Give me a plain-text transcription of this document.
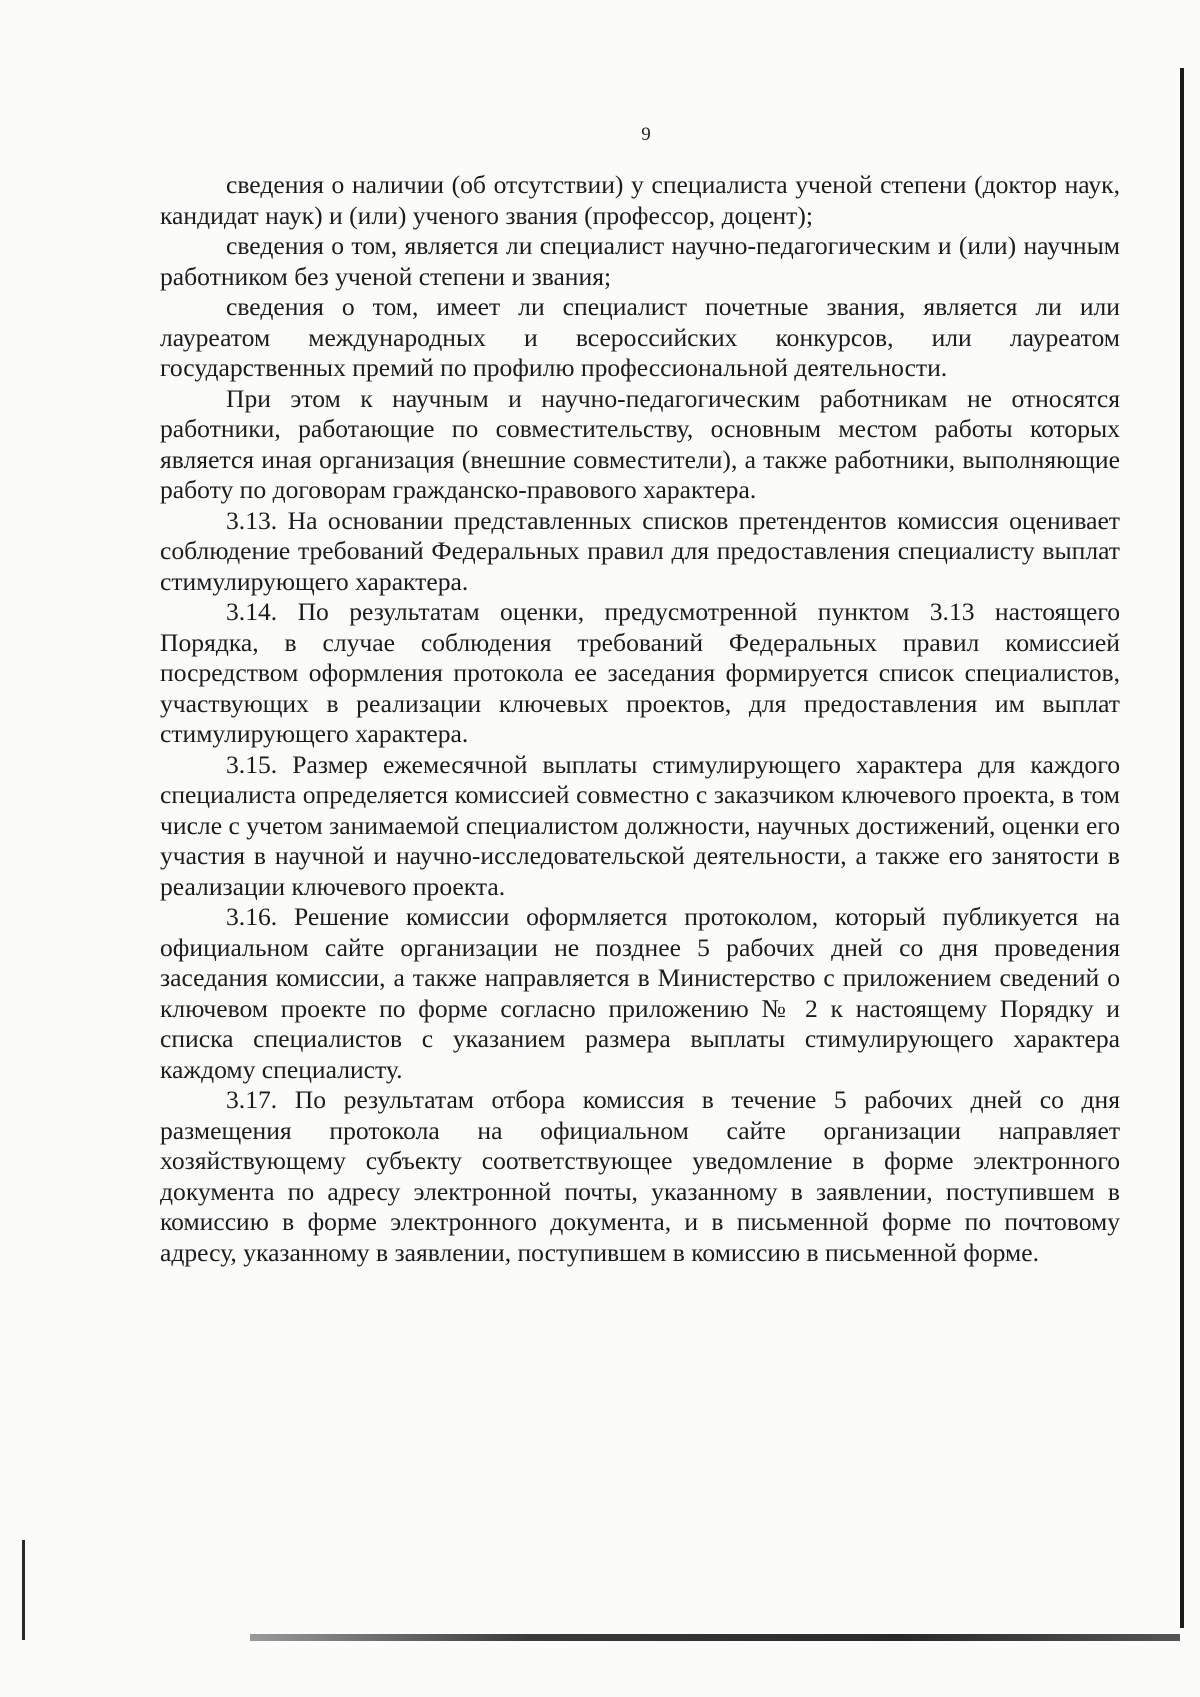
9

сведения о наличии (об отсутствии) у специалиста ученой степени (доктор наук, кандидат наук) и (или) ученого звания (профессор, доцент);

сведения о том, является ли специалист научно-педагогическим и (или) научным работником без ученой степени и звания;

сведения о том, имеет ли специалист почетные звания, является ли или лауреатом международных и всероссийских конкурсов, или лауреатом государственных премий по профилю профессиональной деятельности.

При этом к научным и научно-педагогическим работникам не относятся работники, работающие по совместительству, основным местом работы которых является иная организация (внешние совместители), а также работники, выполняющие работу по договорам гражданско-правового характера.

3.13. На основании представленных списков претендентов комиссия оценивает соблюдение требований Федеральных правил для предоставления специалисту выплат стимулирующего характера.

3.14. По результатам оценки, предусмотренной пунктом 3.13 настоящего Порядка, в случае соблюдения требований Федеральных правил комиссией посредством оформления протокола ее заседания формируется список специалистов, участвующих в реализации ключевых проектов, для предоставления им выплат стимулирующего характера.

3.15. Размер ежемесячной выплаты стимулирующего характера для каждого специалиста определяется комиссией совместно с заказчиком ключевого проекта, в том числе с учетом занимаемой специалистом должности, научных достижений, оценки его участия в научной и научно-исследовательской деятельности, а также его занятости в реализации ключевого проекта.

3.16. Решение комиссии оформляется протоколом, который публикуется на официальном сайте организации не позднее 5 рабочих дней со дня проведения заседания комиссии, а также направляется в Министерство с приложением сведений о ключевом проекте по форме согласно приложению № 2 к настоящему Порядку и списка специалистов с указанием размера выплаты стимулирующего характера каждому специалисту.

3.17. По результатам отбора комиссия в течение 5 рабочих дней со дня размещения протокола на официальном сайте организации направляет хозяйствующему субъекту соответствующее уведомление в форме электронного документа по адресу электронной почты, указанному в заявлении, поступившем в комиссию в форме электронного документа, и в письменной форме по почтовому адресу, указанному в заявлении, поступившем в комиссию в письменной форме.
